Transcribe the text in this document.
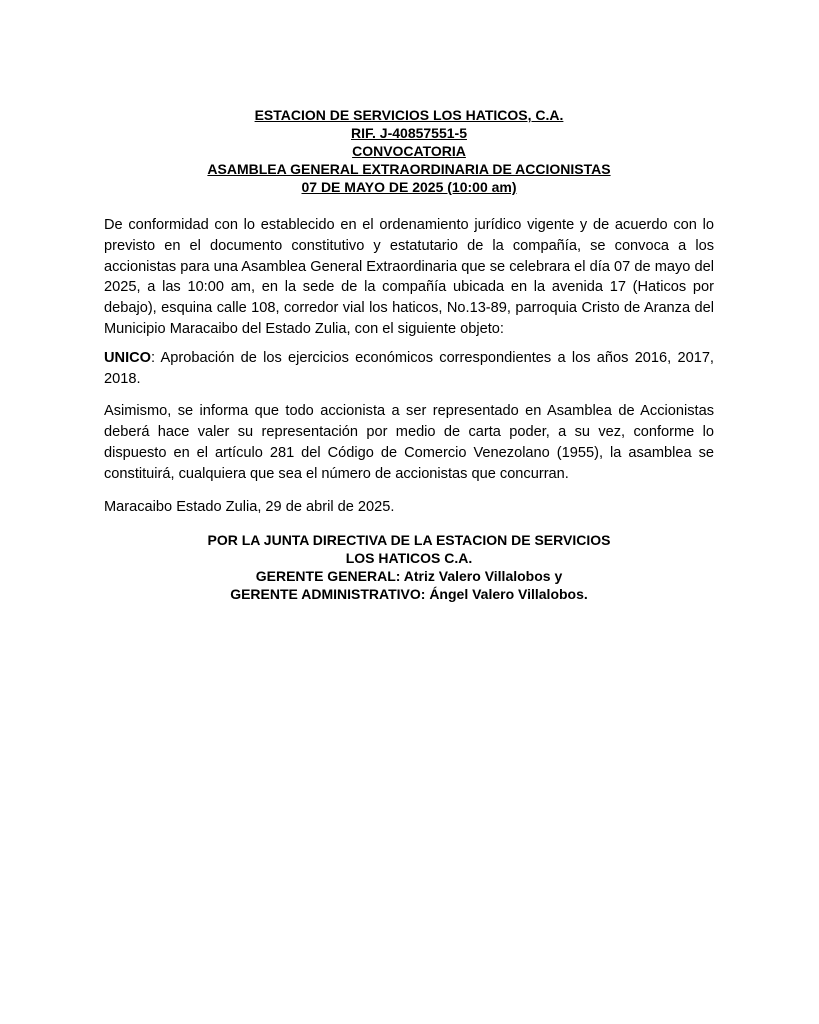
ESTACION DE SERVICIOS LOS HATICOS, C.A.
RIF. J-40857551-5
CONVOCATORIA
ASAMBLEA GENERAL EXTRAORDINARIA DE ACCIONISTAS
07 DE MAYO DE 2025 (10:00 am)

De conformidad con lo establecido en el ordenamiento jurídico vigente y de acuerdo con lo previsto en el documento constitutivo y estatutario de la compañía, se convoca a los accionistas para una Asamblea General Extraordinaria que se celebrara el día 07 de mayo del 2025, a las 10:00 am, en la sede de la compañía ubicada en la avenida 17 (Haticos por debajo), esquina calle 108, corredor vial los haticos, No.13-89, parroquia Cristo de Aranza del Municipio Maracaibo del Estado Zulia, con el siguiente objeto:

UNICO: Aprobación de los ejercicios económicos correspondientes a los años 2016, 2017, 2018.

Asimismo, se informa que todo accionista a ser representado en Asamblea de Accionistas deberá hace valer su representación por medio de carta poder, a su vez, conforme lo dispuesto en el artículo 281 del Código de Comercio Venezolano (1955), la asamblea se constituirá, cualquiera que sea el número de accionistas que concurran.

Maracaibo Estado Zulia, 29 de abril de 2025.

POR LA JUNTA DIRECTIVA DE LA ESTACION DE SERVICIOS
LOS HATICOS C.A.
GERENTE GENERAL: Atriz Valero Villalobos y
GERENTE ADMINISTRATIVO: Ángel Valero Villalobos.
